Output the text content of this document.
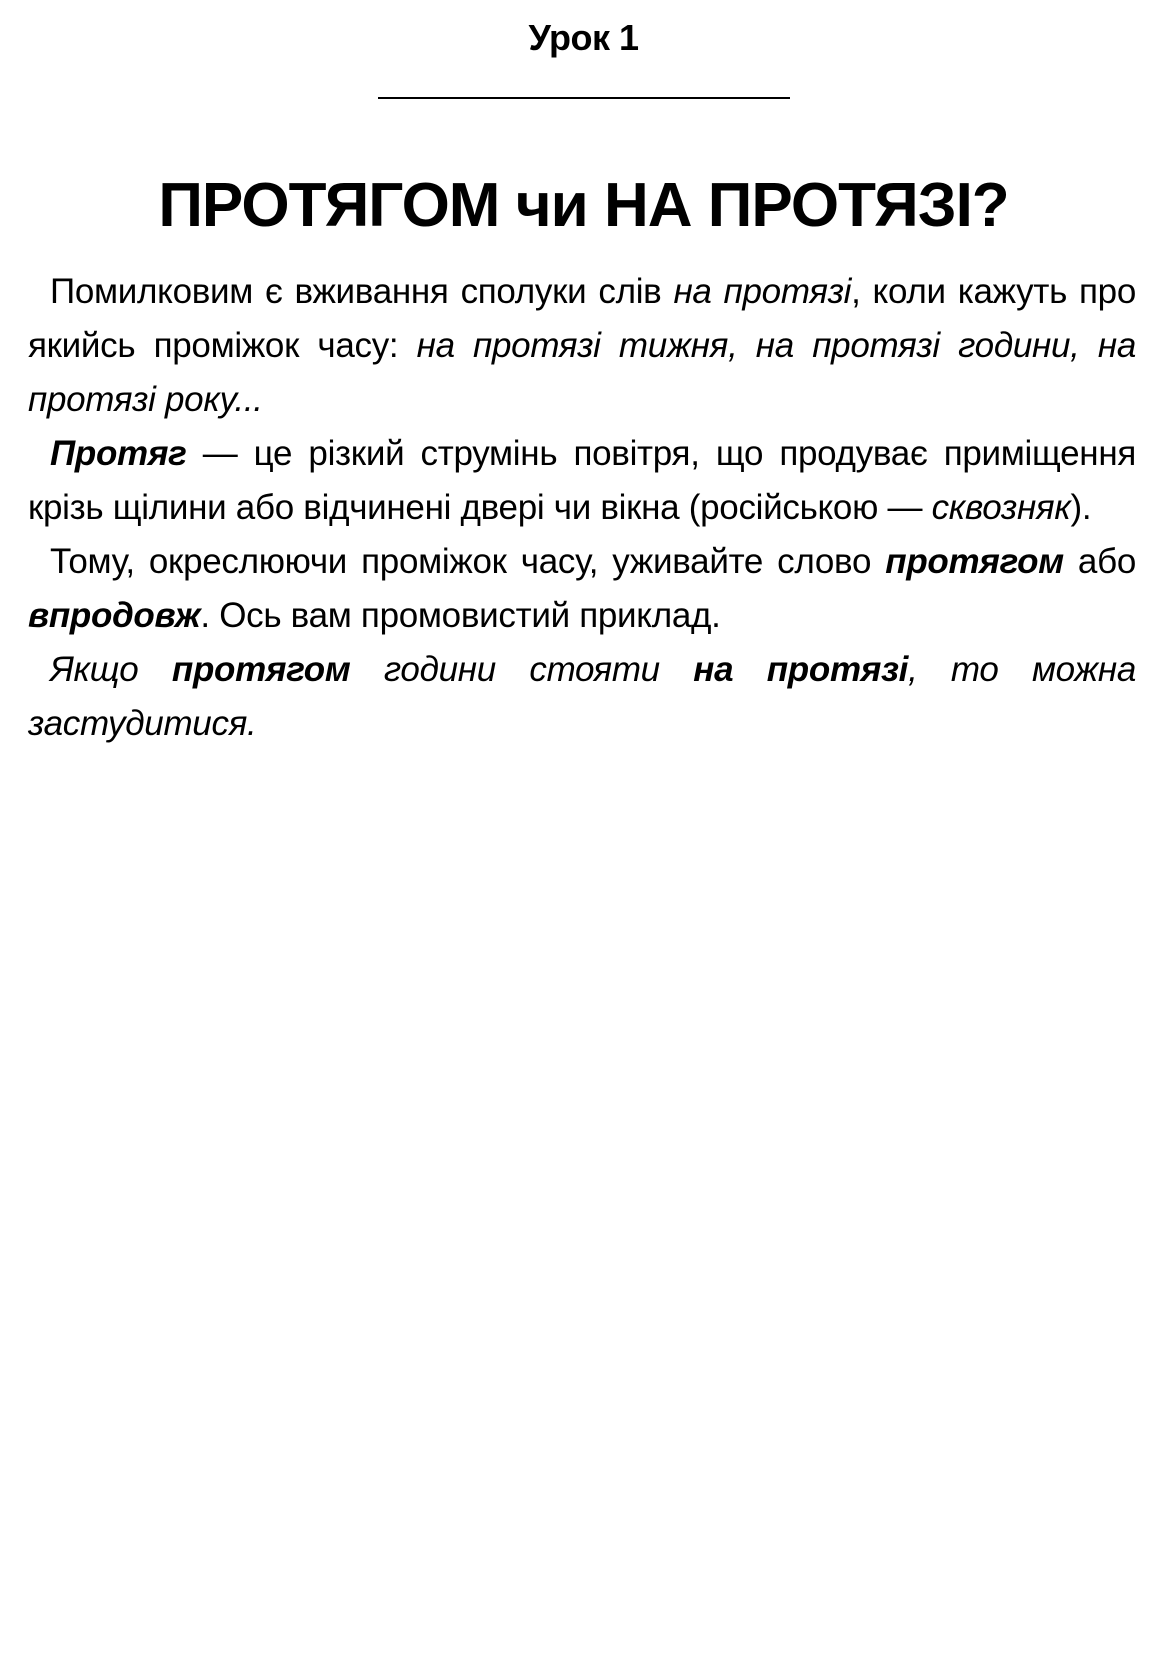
Урок 1
ПРОТЯГОМ чи НА ПРОТЯЗІ?

Помилковим є вживання сполуки слів на протязі, коли кажуть про якийсь проміжок часу: на протязі тижня, на протязі години, на протязі року...

Протяг — це різкий струмінь повітря, що продуває приміщення крізь щілини або відчинені двері чи вікна (російською — сквозняк).

Тому, окреслюючи проміжок часу, уживайте слово протягом або впродовж. Ось вам промовистий приклад.

Якщо протягом години стояти на протязі, то можна застудитися.
